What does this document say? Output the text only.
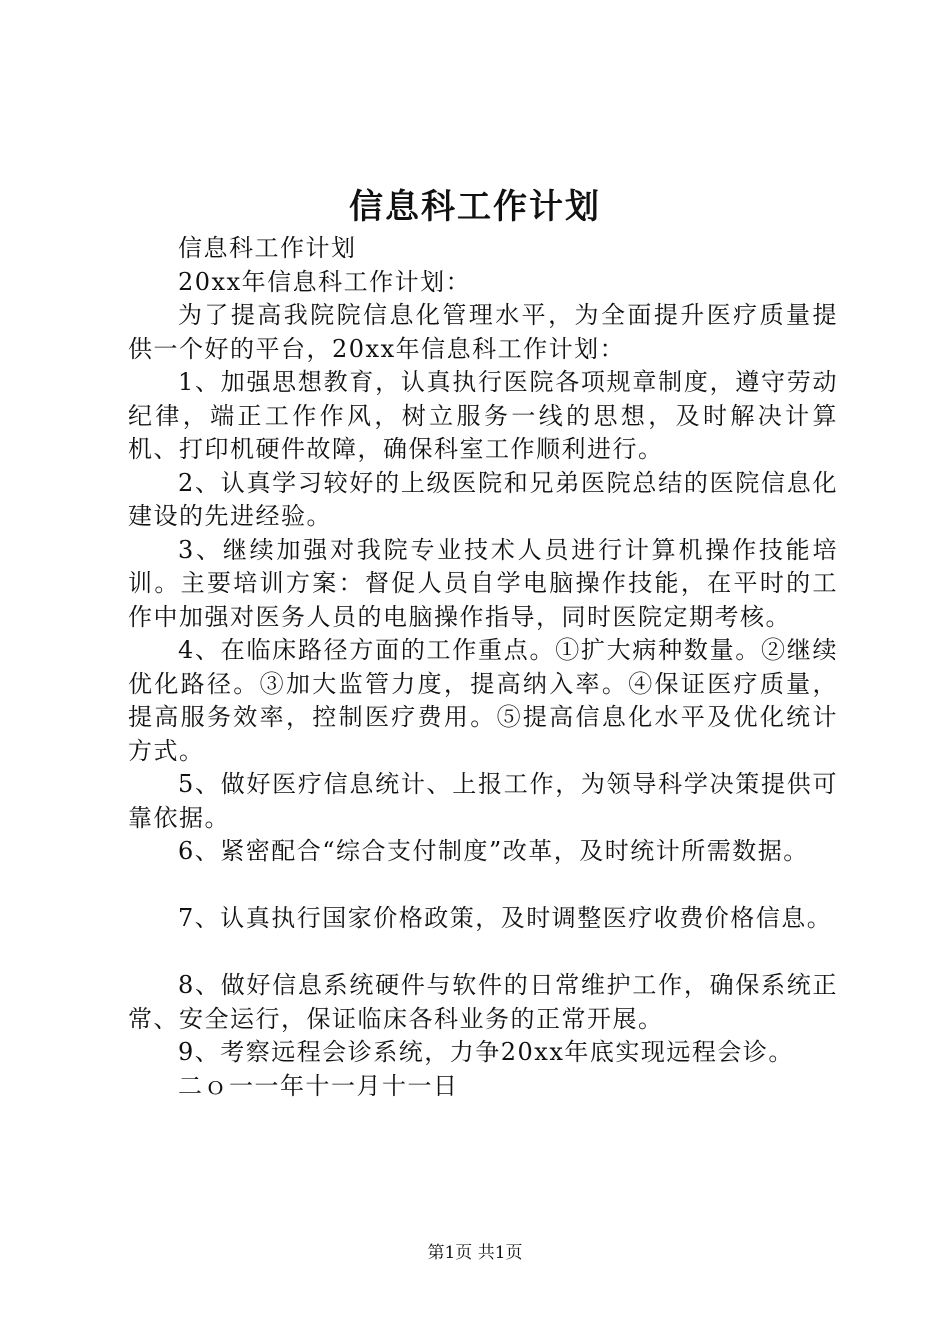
信息科工作计划

信息科工作计划

20xx年信息科工作计划：

为了提高我院院信息化管理水平，为全面提升医疗质量提供一个好的平台，20xx年信息科工作计划：

1、加强思想教育，认真执行医院各项规章制度，遵守劳动纪律，端正工作作风，树立服务一线的思想，及时解决计算机、打印机硬件故障，确保科室工作顺利进行。

2、认真学习较好的上级医院和兄弟医院总结的医院信息化建设的先进经验。

3、继续加强对我院专业技术人员进行计算机操作技能培训。主要培训方案：督促人员自学电脑操作技能，在平时的工作中加强对医务人员的电脑操作指导，同时医院定期考核。

4、在临床路径方面的工作重点。①扩大病种数量。②继续优化路径。③加大监管力度，提高纳入率。④保证医疗质量，提高服务效率，控制医疗费用。⑤提高信息化水平及优化统计方式。

5、做好医疗信息统计、上报工作，为领导科学决策提供可靠依据。

6、紧密配合“综合支付制度”改革，及时统计所需数据。

7、认真执行国家价格政策，及时调整医疗收费价格信息。

8、做好信息系统硬件与软件的日常维护工作，确保系统正常、安全运行，保证临床各科业务的正常开展。

9、考察远程会诊系统，力争20xx年底实现远程会诊。

二ｏ一一年十一月十一日

第1页 共1页
